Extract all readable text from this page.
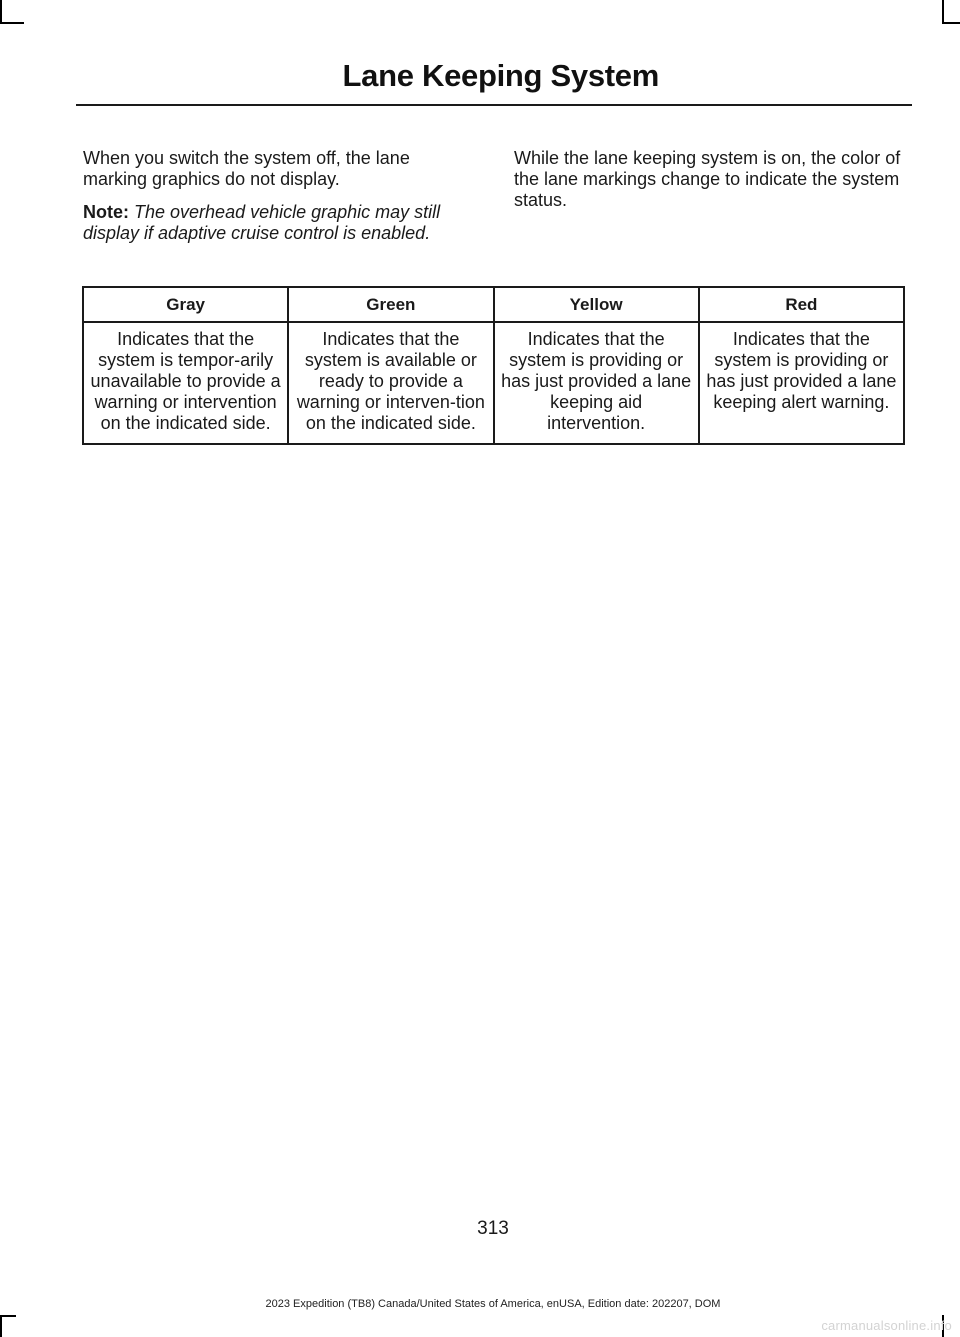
Lane Keeping System

When you switch the system off, the lane marking graphics do not display.

Note: The overhead vehicle graphic may still display if adaptive cruise control is enabled.

While the lane keeping system is on, the color of the lane markings change to indicate the system status.

Gray	Green	Yellow	Red
Indicates that the system is tempor-arily unavailable to provide a warning or intervention on the indicated side.	Indicates that the system is available or ready to provide a warning or interven-tion on the indicated side.	Indicates that the system is providing or has just provided a lane keeping aid intervention.	Indicates that the system is providing or has just provided a lane keeping alert warning.
313
2023 Expedition (TB8) Canada/United States of America, enUSA, Edition date: 202207, DOM
carmanualsonline.info
